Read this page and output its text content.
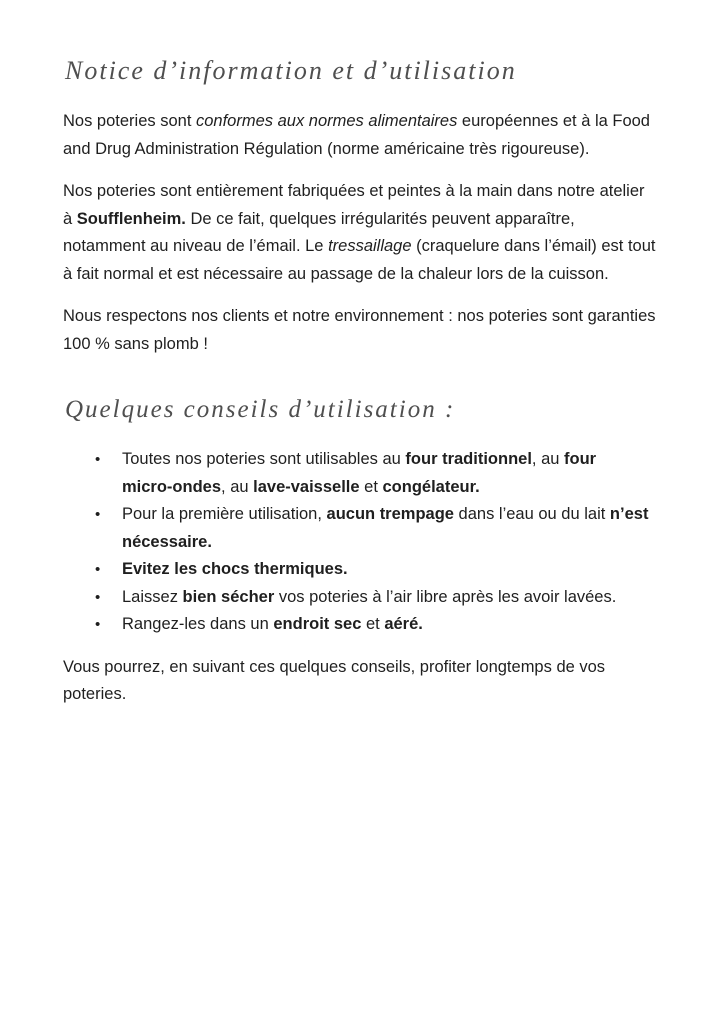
Notice d’information et d’utilisation

Nos poteries sont conformes aux normes alimentaires européennes et à la Food and Drug Administration Régulation (norme américaine très rigoureuse).

Nos poteries sont entièrement fabriquées et peintes à la main dans notre atelier à Soufflenheim. De ce fait, quelques irrégularités peuvent apparaître, notamment au niveau de l’émail. Le tressaillage (craquelure dans l’émail) est tout à fait normal et est nécessaire au passage de la chaleur lors de la cuisson.

Nous respectons nos clients et notre environnement : nos poteries sont garanties 100 % sans plomb !

Quelques conseils d’utilisation :
•	Toutes nos poteries sont utilisables au four traditionnel, au four micro-ondes, au lave-vaisselle et congélateur.
•	Pour la première utilisation, aucun trempage dans l’eau ou du lait n’est nécessaire.
•	Evitez les chocs thermiques.
•	Laissez bien sécher vos poteries à l’air libre après les avoir lavées.
•	Rangez-les dans un endroit sec et aéré.

Vous pourrez, en suivant ces quelques conseils, profiter longtemps de vos poteries.
